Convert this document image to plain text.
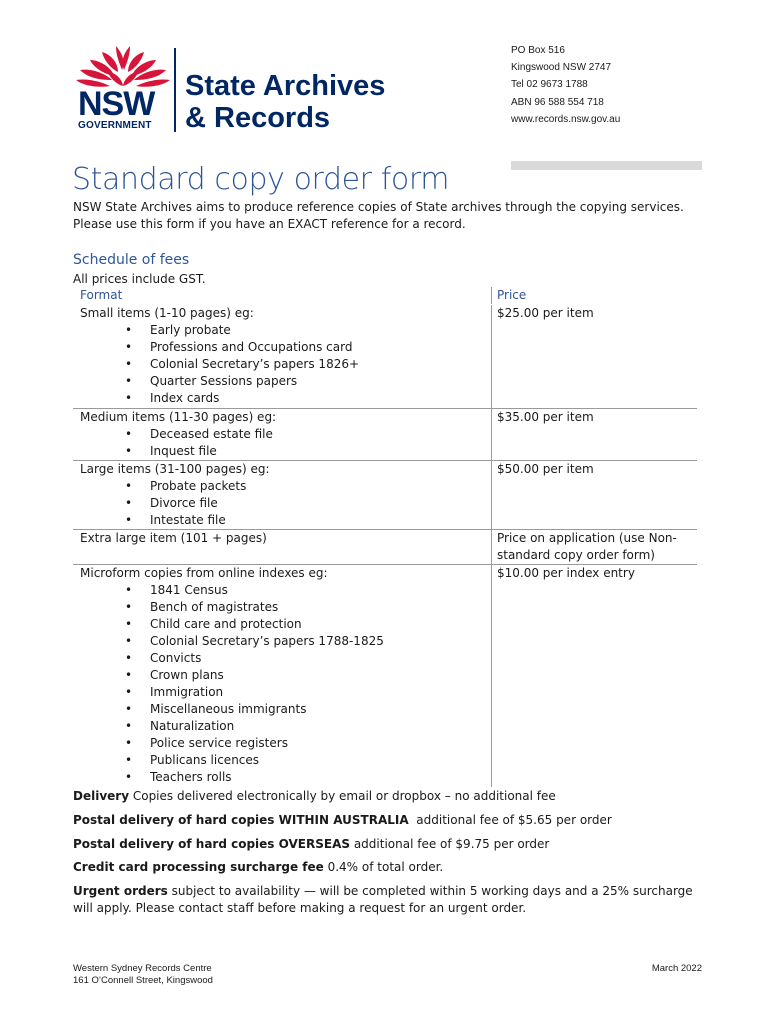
NSW
GOVERNMENT
State Archives
& Records
PO Box 516
Kingswood NSW 2747
Tel 02 9673 1788
ABN 96 588 554 718
www.records.nsw.gov.au
Standard copy order form
NSW State Archives aims to produce reference copies of State archives through the copying services. Please use this form if you have an EXACT reference for a record.
Schedule of fees
All prices include GST.
Format	Price
Small items (1-10 pages) eg:
• Early probate
• Professions and Occupations card
• Colonial Secretary’s papers 1826+
• Quarter Sessions papers
• Index cards
$25.00 per item
Medium items (11-30 pages) eg:
• Deceased estate file
• Inquest file
$35.00 per item
Large items (31-100 pages) eg:
• Probate packets
• Divorce file
• Intestate file
$50.00 per item
Extra large item (101 + pages)	Price on application (use Non-standard copy order form)
Microform copies from online indexes eg:
• 1841 Census
• Bench of magistrates
• Child care and protection
• Colonial Secretary’s papers 1788-1825
• Convicts
• Crown plans
• Immigration
• Miscellaneous immigrants
• Naturalization
• Police service registers
• Publicans licences
• Teachers rolls
$10.00 per index entry
Delivery Copies delivered electronically by email or dropbox – no additional fee
Postal delivery of hard copies WITHIN AUSTRALIA  additional fee of $5.65 per order
Postal delivery of hard copies OVERSEAS additional fee of $9.75 per order
Credit card processing surcharge fee 0.4% of total order.
Urgent orders subject to availability — will be completed within 5 working days and a 25% surcharge will apply. Please contact staff before making a request for an urgent order.
Western Sydney Records Centre
161 O’Connell Street, Kingswood
March 2022
